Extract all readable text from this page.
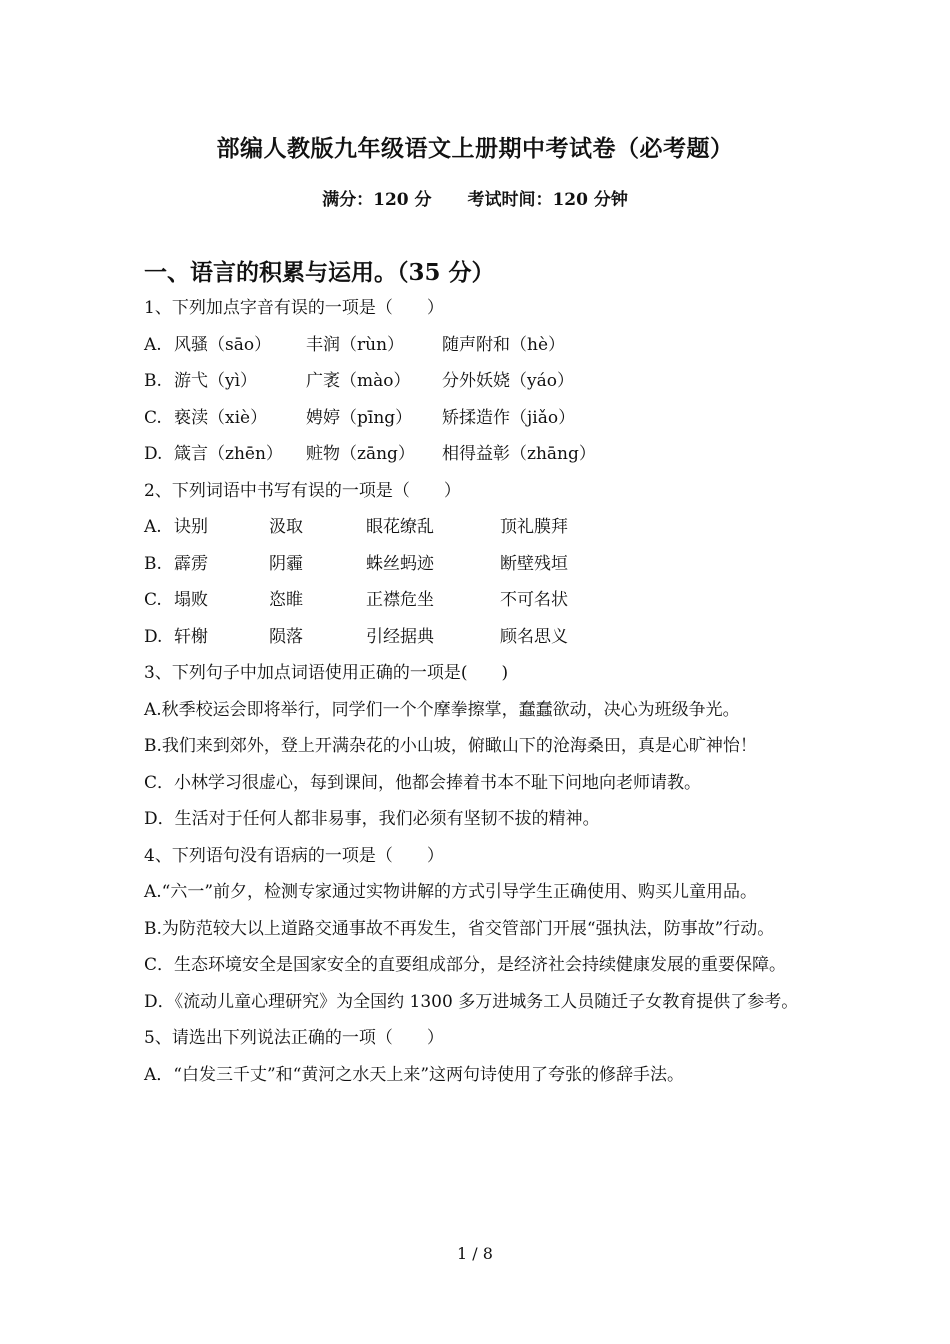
部编人教版九年级语文上册期中考试卷（必考题）
满分：120 分 考试时间：120 分钟
一、语言的积累与运用。（35 分）
1、下列加点字音有误的一项是（　　）
A. 风骚（sāo）	丰润（rùn）	随声附和（hè）
B. 游弋（yì）	广袤（mào）	分外妖娆（yáo）
C. 亵渎（xiè）	娉婷（pīng）	矫揉造作（jiǎo）
D. 箴言（zhēn）	赃物（zāng）	相得益彰（zhāng）
2、下列词语中书写有误的一项是（　　）
A. 诀别	汲取	眼花缭乱	顶礼膜拜
B. 霹雳	阴霾	蛛丝蚂迹	断壁残垣
C. 塌败	恣睢	正襟危坐	不可名状
D. 轩榭	陨落	引经据典	顾名思义
3、下列句子中加点词语使用正确的一项是(　　)
A.秋季校运会即将举行，同学们一个个摩拳擦掌，蠢蠢欲动，决心为班级争光。
B.我们来到郊外，登上开满杂花的小山坡，俯瞰山下的沧海桑田，真是心旷神怡！
C．小林学习很虚心，每到课间，他都会捧着书本不耻下问地向老师请教。
D．生活对于任何人都非易事，我们必须有坚韧不拔的精神。
4、下列语句没有语病的一项是（　　）
A.“六一”前夕，检测专家通过实物讲解的方式引导学生正确使用、购买儿童用品。
B.为防范较大以上道路交通事故不再发生，省交管部门开展“强执法，防事故”行动。
C．生态环境安全是国家安全的直要组成部分，是经济社会持续健康发展的重要保障。
D．《流动儿童心理研究》为全国约 1300 多万进城务工人员随迁子女教育提供了参考。
5、请选出下列说法正确的一项（　　）
A．“白发三千丈”和“黄河之水天上来”这两句诗使用了夸张的修辞手法。
1 / 8
